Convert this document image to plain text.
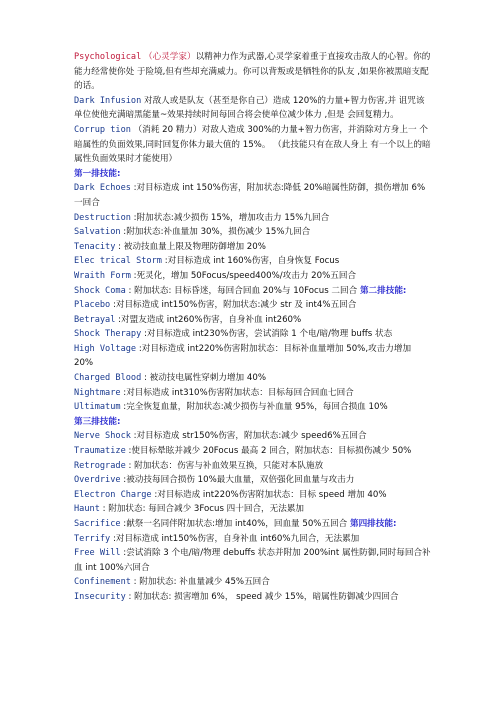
Psychological （心灵学家）以精神力作为武器,心灵学家着重于直接攻击敌人的心智。你的能力经常使你处 于险境,但有些却充满威力。你可以背叛或是牺牲你的队友 ,如果你被黑暗支配 的话。

Dark Infusion 对敌人或是队友（甚至是你自己）造成 120%的力量+智力伤害,并 诅咒该单位使他充满暗黑能量~效果持续时间每回合将会使单位减少体力 ,但是 会回复精力。

Corrup tion （消耗 20 精力）对敌人造成 300%的力量+智力伤害，并消除对方身上一 个暗属性的负面效果,同时回复你体力最大值的 15%。 （此技能只有在敌人身上 有一个以上的暗属性负面效果时才能使用）

第一排技能:

Dark Echoes :对目标造成 int 150%伤害，附加状态:降低 20%暗属性防御，损伤增加 6%一回合

Destruction :附加状态:减少损伤 15%，增加攻击力 15%九回合

Salvation :附加状态:补血量加 30%，损伤减少 15%九回合

Tenacity : 被动技血量上限及物理防御增加 20%

Elec trical Storm :对目标造成 int 160%伤害，自身恢复 Focus

Wraith Form :死灵化，增加 50Focus/speed400%/攻击力 20%五回合

Shock Coma : 附加状态: 目标昏迷，每回合回血 20%与 10Focus 二回合 第二排技能:

Placebo :对目标造成 int150%伤害，附加状态:减少 str 及 int4%五回合

Betrayal :对盟友造成 int260%伤害，自身补血 int260%

Shock Therapy :对目标造成 int230%伤害，尝试消除 1 个电/暗/物理 buffs 状态

High Voltage :对目标造成 int220%伤害附加状态：目标补血量增加 50%,攻击力增加 20%

Charged Blood : 被动技电属性穿刺力增加 40%

Nightmare :对目标造成 int310%伤害附加状态：目标每回合回血七回合

Ultimatum :完全恢复血量，附加状态:减少损伤与补血量 95%，每回合损血 10%

第三排技能:

Nerve Shock :对目标造成 str150%伤害，附加状态:减少 speed6%五回合

Traumatize :使目标晕眩并减少 20Focus 最高 2 回合，附加状态：目标损伤减少 50%

Retrograde : 附加状态：伤害与补血效果互换，只能对本队施放

Overdrive :被动技每回合损伤 10%最大血量，双倍强化回血量与攻击力

Electron Charge :对目标造成 int220%伤害附加状态：目标 speed 增加 40%

Haunt : 附加状态: 每回合减少 3Focus 四十回合，无法累加

Sacrifice :献祭一名同伴附加状态:增加 int40%，回血量 50%五回合 第四排技能:

Terrify :对目标造成 int150%伤害，自身补血 int60%九回合，无法累加

Free Will :尝试消除 3 个电/暗/物理 debuffs 状态并附加 200%int 属性防御,同时每回合补血 int 100%六回合

Confinement : 附加状态: 补血量减少 45%五回合

Insecurity : 附加状态: 损害增加 6%， speed 减少 15%，暗属性防御减少四回合
